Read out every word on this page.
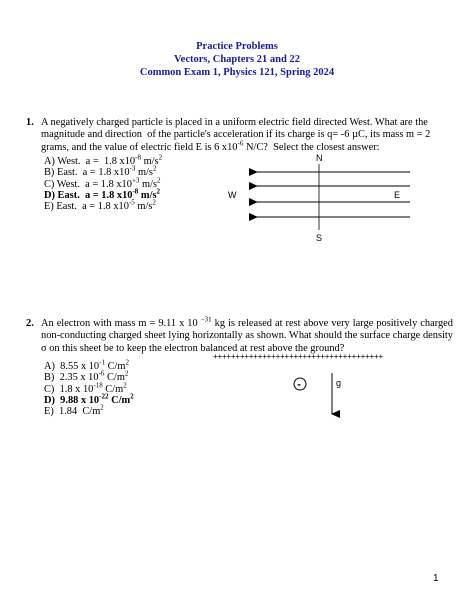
Practice Problems
Vectors, Chapters 21 and 22
Common Exam 1, Physics 121, Spring 2024
1. A negatively charged particle is placed in a uniform electric field directed West. What are the magnitude and direction  of the particle's acceleration if its charge is q= -6 µC, its mass m = 2 grams, and the value of electric field E is 6 $x10^{-6}$ N/C?  Select the closest answer:
A) West.  a =  1.8 $x10^{-8}$ $m/s^2$
B) East.  a = 1.8 $x10^{-3}$ $m/s^2$
C) West.  a = 1.8 $x10^{+3}$ $m/s^2$
D) East.  a = 1.8 $x10^{-8}$ $m/s^2$
E) East.  a = 1.8 $x10^{-5}$ $m/s^2$
N
S
W	E
2. An electron with mass m = 9.11 x 10 $^{-31}$ kg is released at rest above very large positively charged non-conducting charged sheet lying horizontally as shown. What should the surface charge density σ on this sheet be to keep the electron balanced at rest above the ground?
A)  8.55 x $10^{-1}$ $C/m^2$
B)  2.35 x $10^{-6}$ $C/m^2$
C)  1.8 x $10^{-18}$ $C/m^2$
D)  9.88 x $10^{-22}$ $C/m^2$
E)  1.84  $C/m^2$
++++++++++++++++++++++++++++++++++++++
-	g
1
